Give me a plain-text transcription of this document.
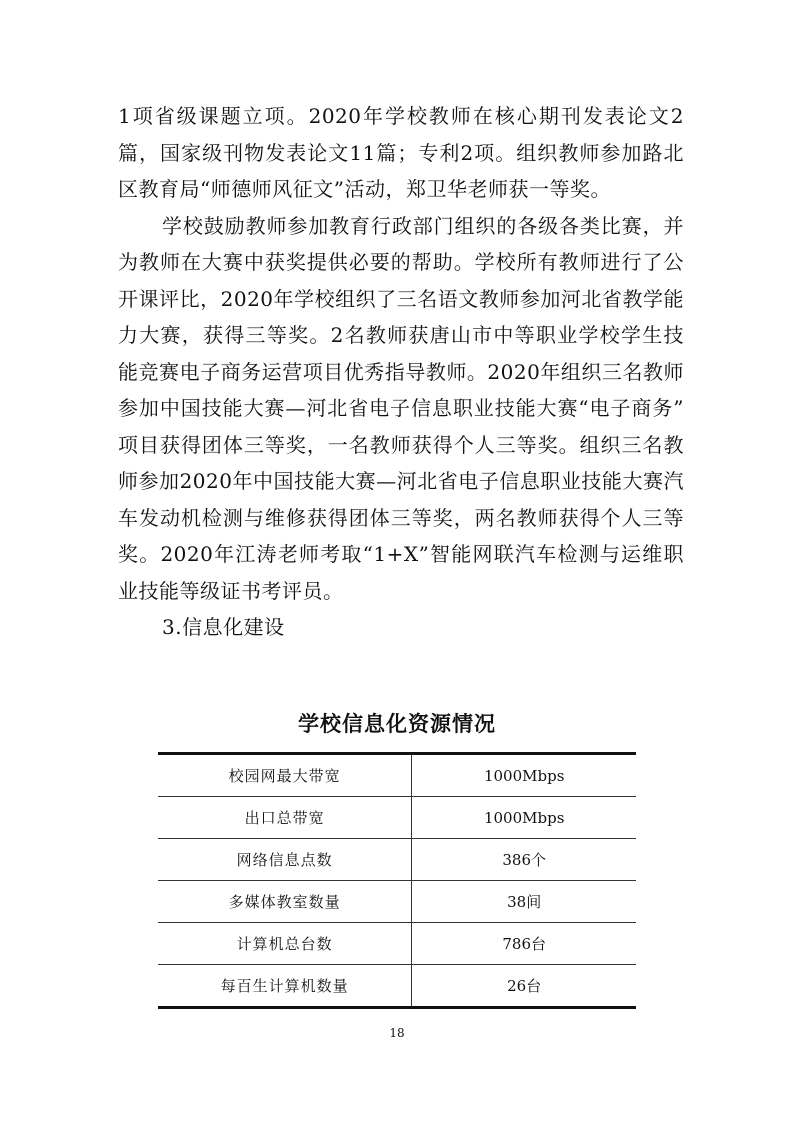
1项省级课题立项。2020年学校教师在核心期刊发表论文2篇，国家级刊物发表论文11篇；专利2项。组织教师参加路北区教育局“师德师风征文”活动，郑卫华老师获一等奖。

学校鼓励教师参加教育行政部门组织的各级各类比赛，并为教师在大赛中获奖提供必要的帮助。学校所有教师进行了公开课评比，2020年学校组织了三名语文教师参加河北省教学能力大赛，获得三等奖。2名教师获唐山市中等职业学校学生技能竞赛电子商务运营项目优秀指导教师。2020年组织三名教师参加中国技能大赛—河北省电子信息职业技能大赛“电子商务” 项目获得团体三等奖，一名教师获得个人三等奖。组织三名教师参加2020年中国技能大赛—河北省电子信息职业技能大赛汽车发动机检测与维修获得团体三等奖，两名教师获得个人三等奖。2020年江涛老师考取“1+X”智能网联汽车检测与运维职业技能等级证书考评员。

3.信息化建设

学校信息化资源情况
校园网最大带宽	1000Mbps
出口总带宽	1000Mbps
网络信息点数	386个
多媒体教室数量	38间
计算机总台数	786台
每百生计算机数量	26台
18
